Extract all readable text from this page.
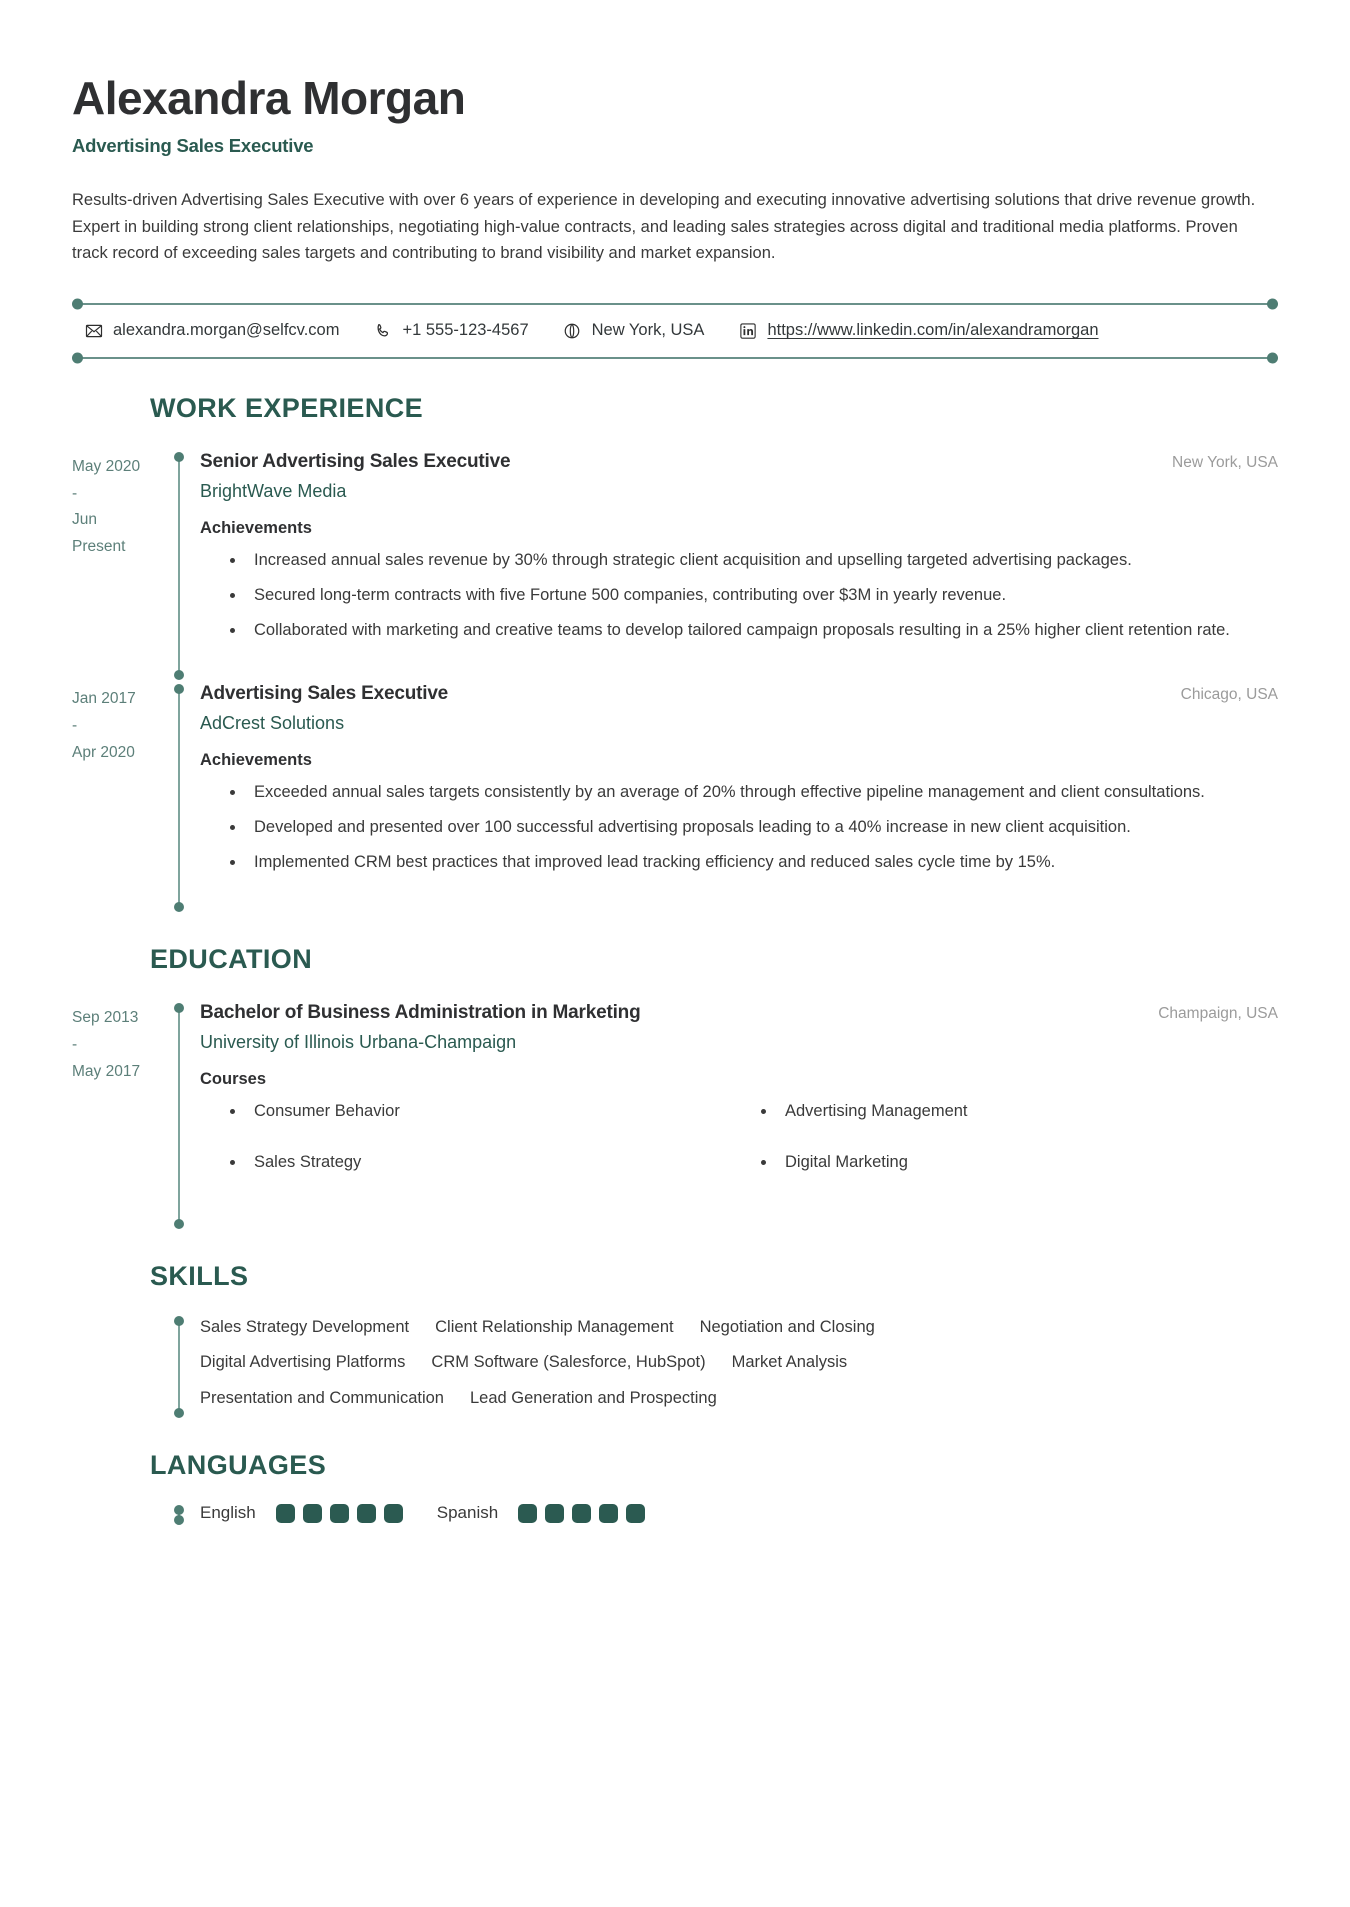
Alexandra Morgan
Advertising Sales Executive

Results-driven Advertising Sales Executive with over 6 years of experience in developing and executing innovative advertising solutions that drive revenue growth. Expert in building strong client relationships, negotiating high-value contracts, and leading sales strategies across digital and traditional media platforms. Proven track record of exceeding sales targets and contributing to brand visibility and market expansion.

alexandra.morgan@selfcv.com	+1 555-123-4567	New York, USA	https://www.linkedin.com/in/alexandramorgan
WORK EXPERIENCE
May 2020
-
Jun
Present
Senior Advertising Sales Executive	New York, USA
BrightWave Media
Achievements
• Increased annual sales revenue by 30% through strategic client acquisition and upselling targeted advertising packages.
• Secured long-term contracts with five Fortune 500 companies, contributing over $3M in yearly revenue.
• Collaborated with marketing and creative teams to develop tailored campaign proposals resulting in a 25% higher client retention rate.
Jan 2017
-
Apr 2020
Advertising Sales Executive	Chicago, USA
AdCrest Solutions
Achievements
• Exceeded annual sales targets consistently by an average of 20% through effective pipeline management and client consultations.
• Developed and presented over 100 successful advertising proposals leading to a 40% increase in new client acquisition.
• Implemented CRM best practices that improved lead tracking efficiency and reduced sales cycle time by 15%.
EDUCATION
Sep 2013
-
May 2017
Bachelor of Business Administration in Marketing	Champaign, USA
University of Illinois Urbana-Champaign
Courses
• Consumer Behavior	• Advertising Management
• Sales Strategy	• Digital Marketing
SKILLS
Sales Strategy Development Client Relationship Management Negotiation and Closing
Digital Advertising Platforms CRM Software (Salesforce, HubSpot) Market Analysis
Presentation and Communication Lead Generation and Prospecting
LANGUAGES
English	Spanish
